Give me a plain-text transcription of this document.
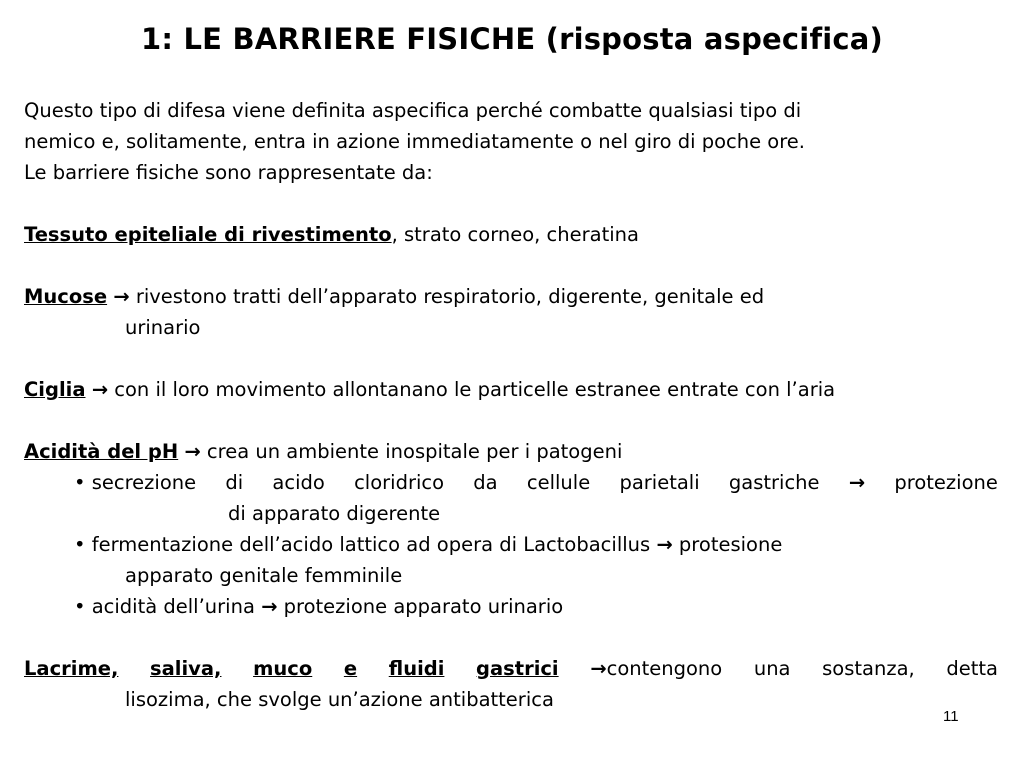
1: LE BARRIERE FISICHE (risposta aspecifica)
Questo tipo di difesa viene definita aspecifica perché combatte qualsiasi tipo di
nemico e, solitamente, entra in azione immediatamente o nel giro di poche ore.
Le barriere fisiche sono rappresentate da:
Tessuto epiteliale di rivestimento, strato corneo, cheratina
Mucose → rivestono tratti dell’apparato respiratorio, digerente, genitale ed
urinario
Ciglia → con il loro movimento allontanano le particelle estranee entrate con l’aria
Acidità del pH → crea un ambiente inospitale per i patogeni
• secrezione di acido cloridrico da cellule parietali gastriche → protezione
di apparato digerente
• fermentazione dell’acido lattico ad opera di Lactobacillus → protesione
apparato genitale femminile
• acidità dell’urina → protezione apparato urinario
Lacrime, saliva, muco e fluidi gastrici →contengono una sostanza, detta
lisozima, che svolge un’azione antibatterica
11
